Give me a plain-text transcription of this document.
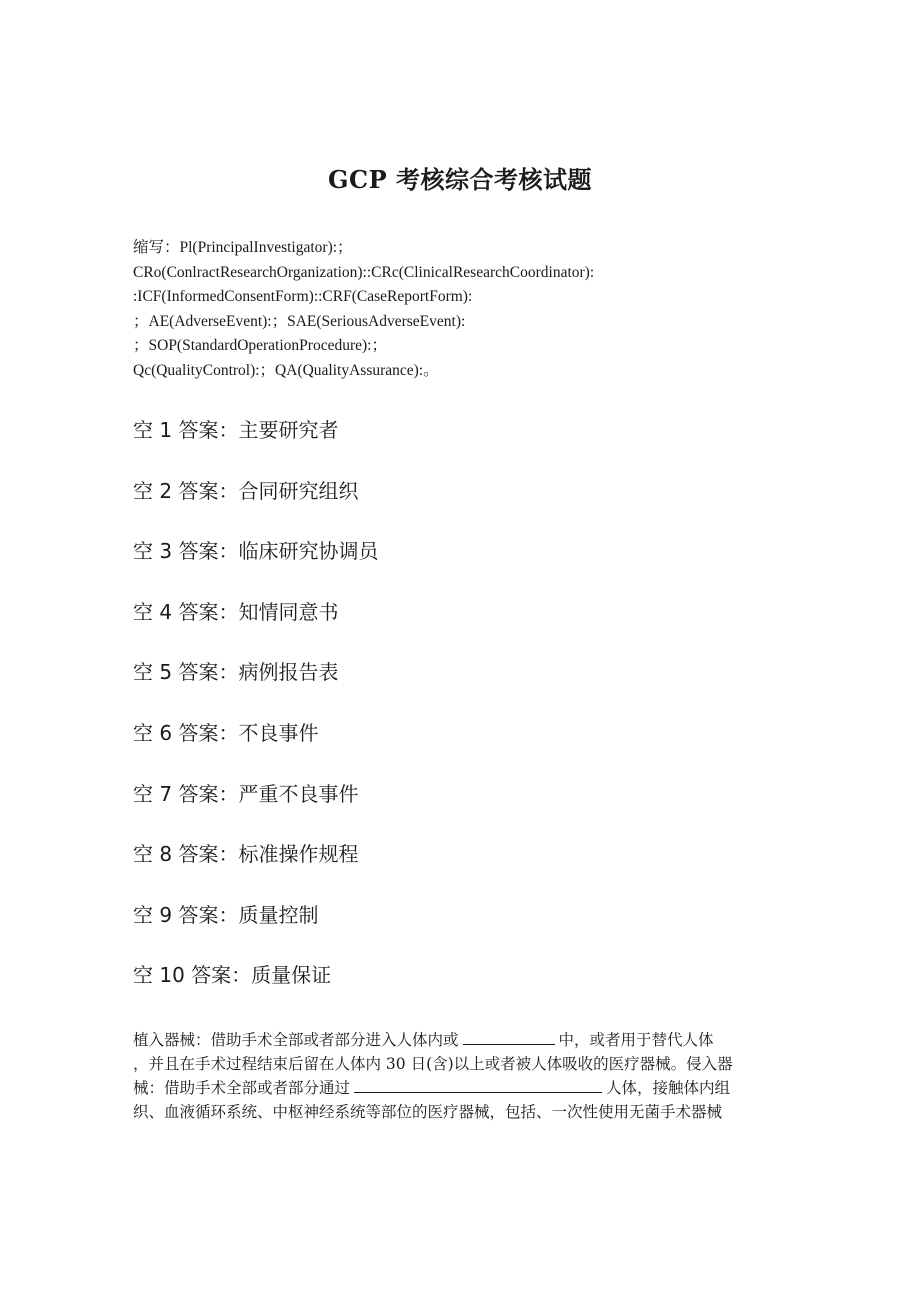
GCP 考核综合考核试题
缩写：Pl(PrincipalInvestigator):；
CRo(ConlractResearchOrganization)::CRc(ClinicalResearchCoordinator):
:ICF(InformedConsentForm)::CRF(CaseReportForm):
；AE(AdverseEvent):；SAE(SeriousAdverseEvent):
；SOP(StandardOperationProcedure):；
Qc(QualityControl):；QA(QualityAssurance):。
空 1 答案：主要研究者
空 2 答案：合同研究组织
空 3 答案：临床研究协调员
空 4 答案：知情同意书
空 5 答案：病例报告表
空 6 答案：不良事件
空 7 答案：严重不良事件
空 8 答案：标准操作规程
空 9 答案：质量控制
空 10 答案：质量保证
植入器械：借助手术全部或者部分进入人体内或	中，或者用于替代人体
，并且在手术过程结束后留在人体内 30 日(含)以上或者被人体吸收的医疗器械。侵入器
械：借助手术全部或者部分通过	人体，接触体内组
织、血液循环系统、中枢神经系统等部位的医疗器械，包括、一次性使用无菌手术器械
